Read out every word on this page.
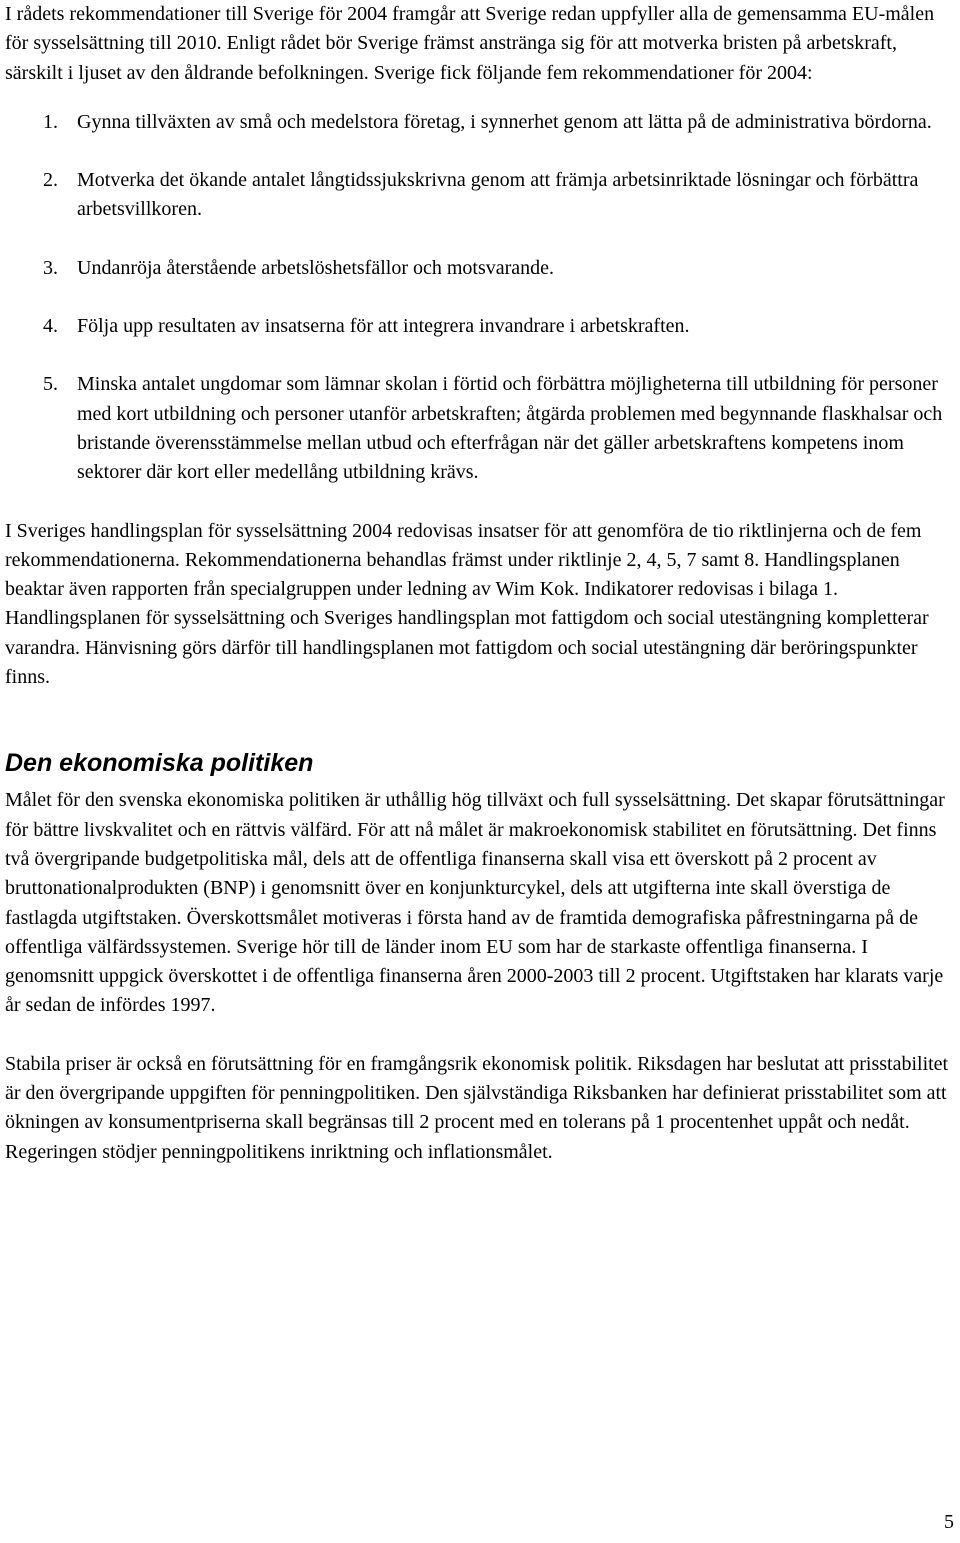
I rådets rekommendationer till Sverige för 2004 framgår att Sverige redan uppfyller alla de gemensamma EU-målen för sysselsättning till 2010. Enligt rådet bör Sverige främst anstränga sig för att motverka bristen på arbetskraft, särskilt i ljuset av den åldrande befolkningen. Sverige fick följande fem rekommendationer för 2004:

1. Gynna tillväxten av små och medelstora företag, i synnerhet genom att lätta på de administrativa bördorna.
2. Motverka det ökande antalet långtidssjukskrivna genom att främja arbetsinriktade lösningar och förbättra arbetsvillkoren.
3. Undanröja återstående arbetslöshetsfällor och motsvarande.
4. Följa upp resultaten av insatserna för att integrera invandrare i arbetskraften.
5. Minska antalet ungdomar som lämnar skolan i förtid och förbättra möjligheterna till utbildning för personer med kort utbildning och personer utanför arbetskraften; åtgärda problemen med begynnande flaskhalsar och bristande överensstämmelse mellan utbud och efterfrågan när det gäller arbetskraftens kompetens inom sektorer där kort eller medellång utbildning krävs.

I Sveriges handlingsplan för sysselsättning 2004 redovisas insatser för att genomföra de tio riktlinjerna och de fem rekommendationerna. Rekommendationerna behandlas främst under riktlinje 2, 4, 5, 7 samt 8. Handlingsplanen beaktar även rapporten från specialgruppen under ledning av Wim Kok. Indikatorer redovisas i bilaga 1. Handlingsplanen för sysselsättning och Sveriges handlingsplan mot fattigdom och social utestängning kompletterar varandra. Hänvisning görs därför till handlingsplanen mot fattigdom och social utestängning där beröringspunkter finns.

Den ekonomiska politiken

Målet för den svenska ekonomiska politiken är uthållig hög tillväxt och full sysselsättning. Det skapar förutsättningar för bättre livskvalitet och en rättvis välfärd. För att nå målet är makroekonomisk stabilitet en förutsättning. Det finns två övergripande budgetpolitiska mål, dels att de offentliga finanserna skall visa ett överskott på 2 procent av bruttonationalprodukten (BNP) i genomsnitt över en konjunkturcykel, dels att utgifterna inte skall överstiga de fastlagda utgiftstaken. Överskottsmålet motiveras i första hand av de framtida demografiska påfrestningarna på de offentliga välfärdssystemen. Sverige hör till de länder inom EU som har de starkaste offentliga finanserna. I genomsnitt uppgick överskottet i de offentliga finanserna åren 2000-2003 till 2 procent. Utgiftstaken har klarats varje år sedan de infördes 1997.

Stabila priser är också en förutsättning för en framgångsrik ekonomisk politik. Riksdagen har beslutat att prisstabilitet är den övergripande uppgiften för penningpolitiken. Den självständiga Riksbanken har definierat prisstabilitet som att ökningen av konsumentpriserna skall begränsas till 2 procent med en tolerans på 1 procentenhet uppåt och nedåt. Regeringen stödjer penningpolitikens inriktning och inflationsmålet.

5
